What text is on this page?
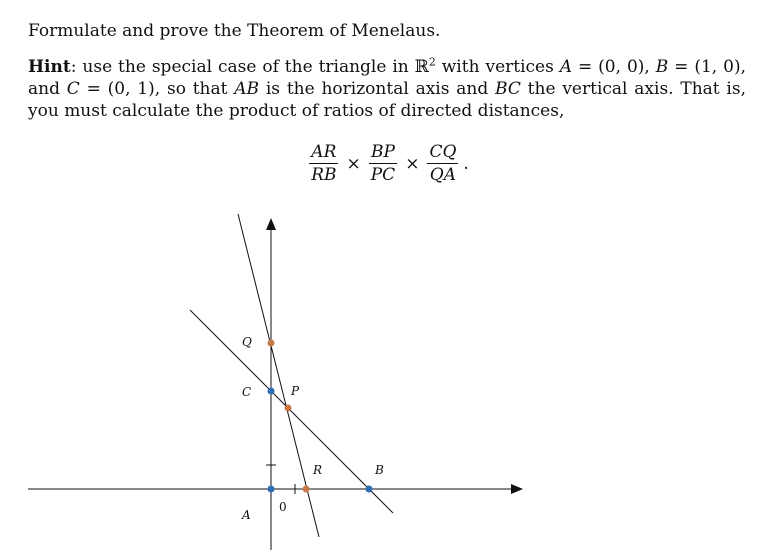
Formulate and prove the Theorem of Menelaus.

Hint: use the special case of the triangle in ℝ$^2$ with vertices A = (0, 0), B = (1, 0), and C = (0, 1), so that AB is the horizontal axis and BC the vertical axis. That is, you must calculate the product of ratios of directed distances,

$\frac{AR}{RB} \times \frac{BP}{PC} \times \frac{CQ}{QA}$ .
Q
C	P
R	B
A
0
